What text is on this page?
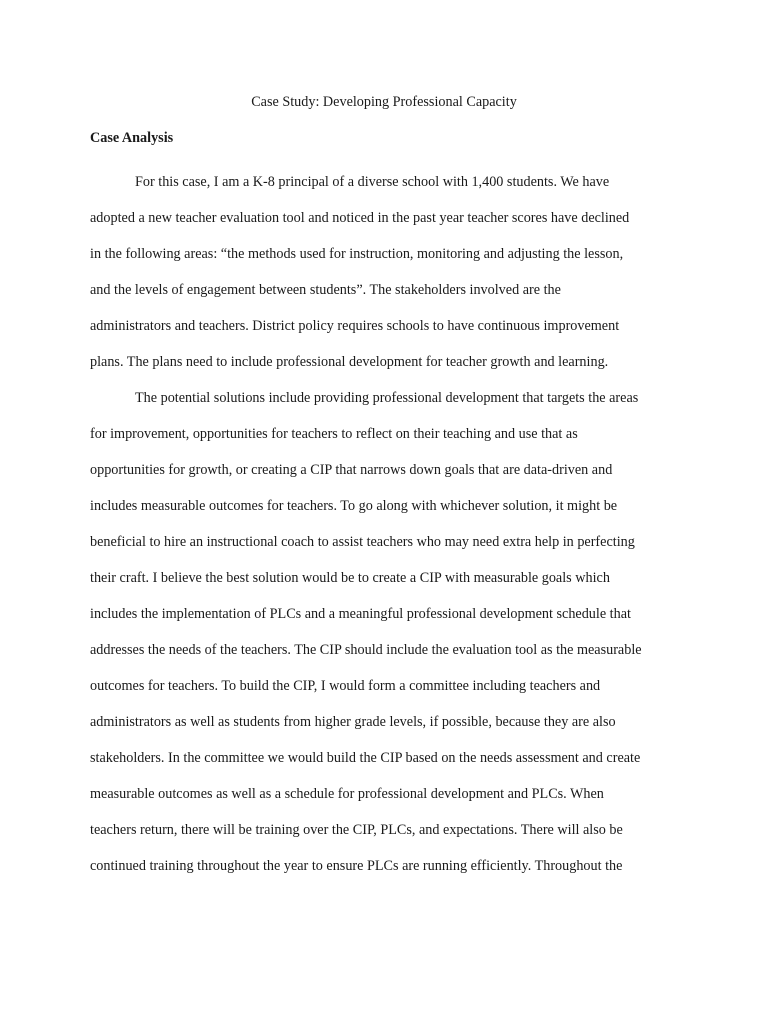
Case Study: Developing Professional Capacity
Case Analysis
For this case, I am a K-8 principal of a diverse school with 1,400 students. We have
adopted a new teacher evaluation tool and noticed in the past year teacher scores have declined
in the following areas: “the methods used for instruction, monitoring and adjusting the lesson,
and the levels of engagement between students”. The stakeholders involved are the
administrators and teachers. District policy requires schools to have continuous improvement
plans. The plans need to include professional development for teacher growth and learning.
The potential solutions include providing professional development that targets the areas
for improvement, opportunities for teachers to reflect on their teaching and use that as
opportunities for growth, or creating a CIP that narrows down goals that are data-driven and
includes measurable outcomes for teachers. To go along with whichever solution, it might be
beneficial to hire an instructional coach to assist teachers who may need extra help in perfecting
their craft. I believe the best solution would be to create a CIP with measurable goals which
includes the implementation of PLCs and a meaningful professional development schedule that
addresses the needs of the teachers. The CIP should include the evaluation tool as the measurable
outcomes for teachers. To build the CIP, I would form a committee including teachers and
administrators as well as students from higher grade levels, if possible, because they are also
stakeholders. In the committee we would build the CIP based on the needs assessment and create
measurable outcomes as well as a schedule for professional development and PLCs. When
teachers return, there will be training over the CIP, PLCs, and expectations. There will also be
continued training throughout the year to ensure PLCs are running efficiently. Throughout the
